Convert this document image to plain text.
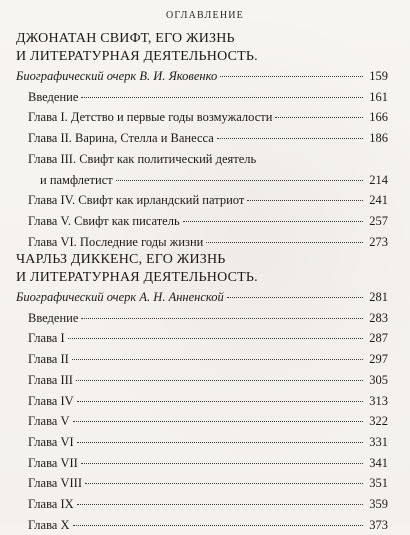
ОГЛАВЛЕНИЕ
ДЖОНАТАН СВИФТ, ЕГО ЖИЗНЬ
И ЛИТЕРАТУРНАЯ ДЕЯТЕЛЬНОСТЬ.
Биографический очерк В. И. Яковенко	159
Введение	161
Глава I. Детство и первые годы возмужалости	166
Глава II. Варина, Стелла и Ванесса	186
Глава III. Свифт как политический деятель
и памфлетист	214
Глава IV. Свифт как ирландский патриот	241
Глава V. Свифт как писатель	257
Глава VI. Последние годы жизни	273
ЧАРЛЬЗ ДИККЕНС, ЕГО ЖИЗНЬ
И ЛИТЕРАТУРНАЯ ДЕЯТЕЛЬНОСТЬ.
Биографический очерк А. Н. Анненской	281
Введение	283
Глава I	287
Глава II	297
Глава III	305
Глава IV	313
Глава V	322
Глава VI	331
Глава VII	341
Глава VIII	351
Глава IX	359
Глава X	373
